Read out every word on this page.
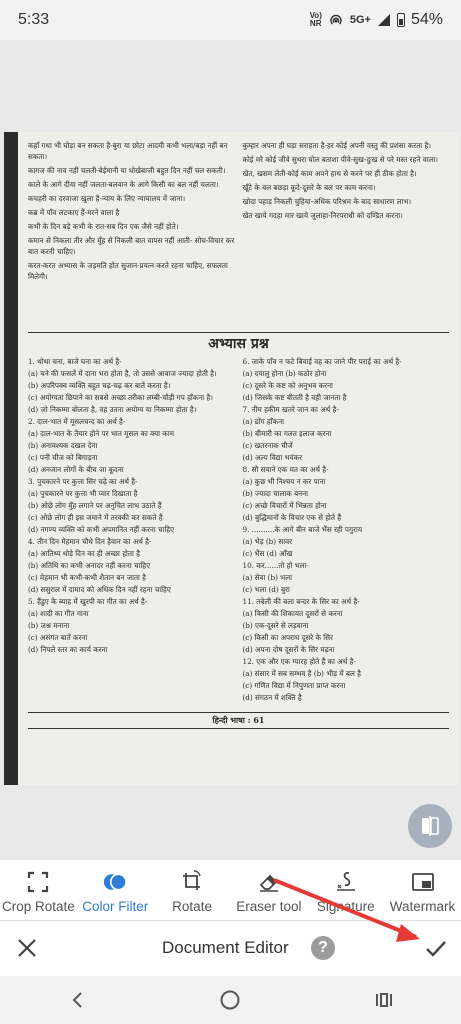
5:33	Vo)
NR	5G+	54%

कहाँ गधा भी घोड़ा बन सकता है-बुरा या छोटा आदमी कभी भला/बड़ा नहीं बन सकता।

कागज की नाव नहीं चलती-बेईमानी या धोखेबाजी बहुत दिन नहीं चल सकती।

काले के आगे दीया नहीं जलता-बलवान के आगे किसी का बल नहीं चलता।

कचहरी का दरवाजा खुला है-न्याय के लिए न्यायालय में जाना।

कब्र में पाँव लटकाए हैं-मरने वाला है

कभी के दिन बड़े कभी के रात-सब दिन एक जैसे नहीं होते।

कमान से निकला तीर और मुँह से निकली बात वापस नहीं आती- सोच-विचार कर बात करनी चाहिए।

करत-करत अभ्यास के जड़मति होत सुजान-प्रयत्न करते रहना चाहिए, सफलता मिलेगी।

कुम्हार अपना ही घड़ा सराहता है-हर कोई अपनी वस्तु की प्रशंसा करता है।

कोई मरे कोई जीवे सुथरा घोल बताशा पीवे-सुख-दुःख से परे मस्त रहने वाला।

खेत, खसम लेती-कोई काम अपने हाथ से करने पर ही ठीक होता है।

खूँटे के बल बछड़ा कूदे-दूसरे के बल पर काम करना।

खोदा पहाड़ निकली चुहिया-अधिक परिश्रम के बाद साधारण लाभ।

खेत खाये गदहा मार खाये जुलाहा-निरपराधी को दण्डित करना।

अभ्यास प्रश्न

1. थोथा चना, बाजे घना का अर्थ है-

(a) चने की फसलें में दाना भरा होता है, तो उससे आवाज ज्यादा होती है।

(b) अपरिपक्व व्यक्ति बहुत चढ़-चढ़ कर बातें करता है।

(c) अयोग्यता छिपाने का सबसे अच्छा तरीका लम्बी-चौड़ी गप हाँकना है।

(d) जो निकम्मा बोलता है, वह उतना अयोग्य या निकम्मा होता है।

2. दाल-भात में मूसलचन्द का अर्थ है-

(a) दाल-भात के तैयार होने पर भात मूसल का क्या काम

(b) अनावश्यक दखल देना

(c) पनी चीज को बिगाड़ना

(d) अनजान लोगों के बीच जा कूदना

3. पुचकारने पर कुत्ता सिर चढ़े का अर्थ है-

(a) पुचकारने पर कुत्ता भी प्यार दिखाता है

(b) ओछे लोग मुँह लगाने पर अनुचित लाभ उठाते हैं

(c) ओछे लोग ही इस जमाने में तरक्की कर सकते हैं

(d) नगण्य व्यक्ति को कभी अपमानित नहीं करना चाहिए

4. तीन दिन मेहमान चौथे दिन हैवान का अर्थ है-

(a) आतिथ्य थोड़े दिन का ही अच्छा होता है

(b) अतिथि का कभी अनादर नहीं करना चाहिए

(c) मेहमान भी कभी-कभी शैतान बन जाता है

(d) ससुराल में दामाद को अधिक दिन नहीं रहना चाहिए

5. हैंडुए के ब्याह में खुरपी का गीत का अर्थ है-

(a) शादी का गीत गाना

(b) जश्न मनाना

(c) असंगत बातें करना

(d) निपले स्तर का कार्य करना

6. जाके पाँव न फटे बिवाई वह का जाने पीर पराई का अर्थ है-

(a) दयालु होना (b) कठोर होना

(c) दूसरे के कष्ट को अनुभव करना

(d) जिसके कष्ट बीतती है वही जानता है

7. नीम हकीम खतरे जान का अर्थ है-

(a) ढोंग हाँकना

(b) बीमारी का गलत इलाज करना

(c) खतरनाक चीजें

(d) अल्प विद्या भयंकर

8. सौ सयाने एक मत का अर्थ है-

(a) कुछ भी निश्चय न कर पाना

(b) ज्यादा चालाक बनना

(c) अच्छे विचारों में भिन्नता होना

(d) बुद्धिमानों के विचार एक से होते हैं

9. ..........के आगे बीन बाजे भैंस रही पगुराय

(a) भेड़ (b) सावर

(c) भैंस (d) आँख

10. कर......तो हो भला-

(a) सेवा (b) भला

(c) भला (d) बुरा

11. तबेली की बला बन्दर के सिर का अर्थ है-

(a) किसी की शिकायत दूसरों से करना

(b) एक-दूसरे से लड़वाना

(c) किसी का अपराध दूसरे के सिर

(d) अपना दोष दूसरों के सिर मढ़ना

12. एक और एक ग्यारह होते हैं का अर्थ है-

(a) संसार में सब सम्भव है (b) भीड़ में बल है

(c) गणित विद्या में निपुणता प्राप्त करना

(d) संगठन में शक्ति है

हिन्दी भाषा : 61
Crop Rotate Color Filter Rotate Eraser tool Signature Watermark
Document Editor	?
